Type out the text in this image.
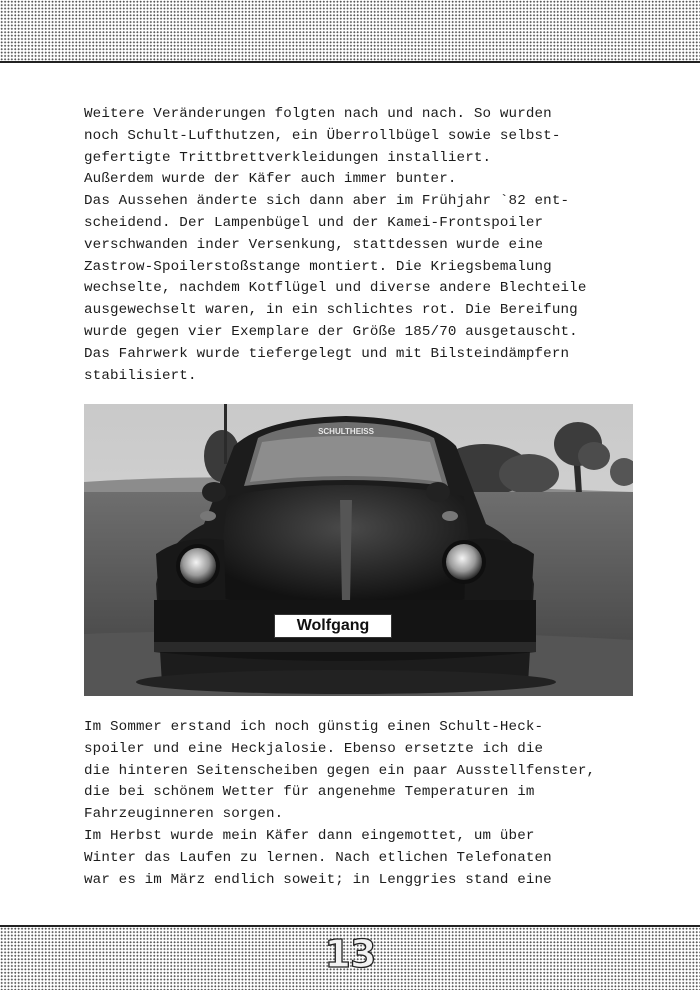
Weitere Veränderungen folgten nach und nach. So wurden
noch Schult-Lufthutzen, ein Überrollbügel sowie selbst-
gefertigte Trittbrettverkleidungen installiert.
Außerdem wurde der Käfer auch immer bunter.
Das Aussehen änderte sich dann aber im Frühjahr `82 ent-
scheidend. Der Lampenbügel und der Kamei-Frontspoiler
verschwanden inder Versenkung, stattdessen wurde eine
Zastrow-Spoilerstoßstange montiert. Die Kriegsbemalung
wechselte, nachdem Kotflügel und diverse andere Blechteile
ausgewechselt waren, in ein schlichtes rot. Die Bereifung
wurde gegen vier Exemplare der Größe 185/70 ausgetauscht.
Das Fahrwerk wurde tiefergelegt und mit Bilsteindämpfern
stabilisiert.
SCHULTHEISS
Wolfgang
Im Sommer erstand ich noch günstig einen Schult-Heck-
spoiler und eine Heckjalosie. Ebenso ersetzte ich die
die hinteren Seitenscheiben gegen ein paar Ausstellfenster,
die bei schönem Wetter für angenehme Temperaturen im
Fahrzeuginneren sorgen.
Im Herbst wurde mein Käfer dann eingemottet, um über
Winter das Laufen zu lernen. Nach etlichen Telefonaten
war es im März endlich soweit; in Lenggries stand eine
13
